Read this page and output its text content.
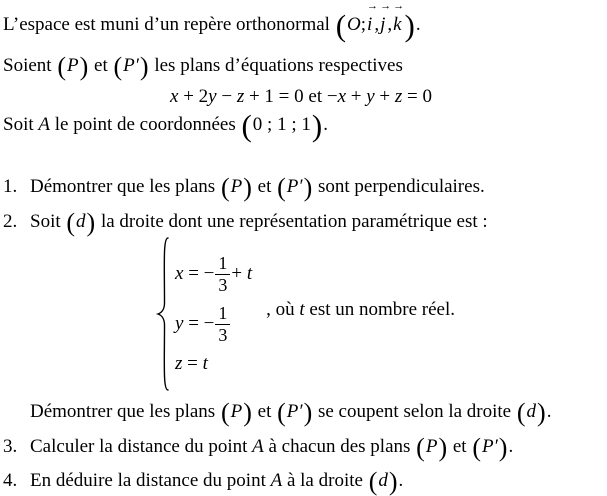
L’espace est muni d’un repère orthonormal (O;
→
i ,
→
j ,
→
k).
Soient (P) et (P′) les plans d’équations respectives
x + 2y − z + 1 = 0 et −x + y + z = 0
Soit A le point de coordonnées (0 ; 1 ; 1).
1. Démontrer que les plans (P) et (P′) sont perpendiculaires.
2. Soit (d) la droite dont une représentation paramétrique est :
x = − $\frac{1}{3} + t$
y = − $\frac{1}{3}$
z = t
, où t est un nombre réel.
Démontrer que les plans (P) et (P′) se coupent selon la droite (d).
3. Calculer la distance du point A à chacun des plans (P) et (P′).
4. En déduire la distance du point A à la droite (d).
